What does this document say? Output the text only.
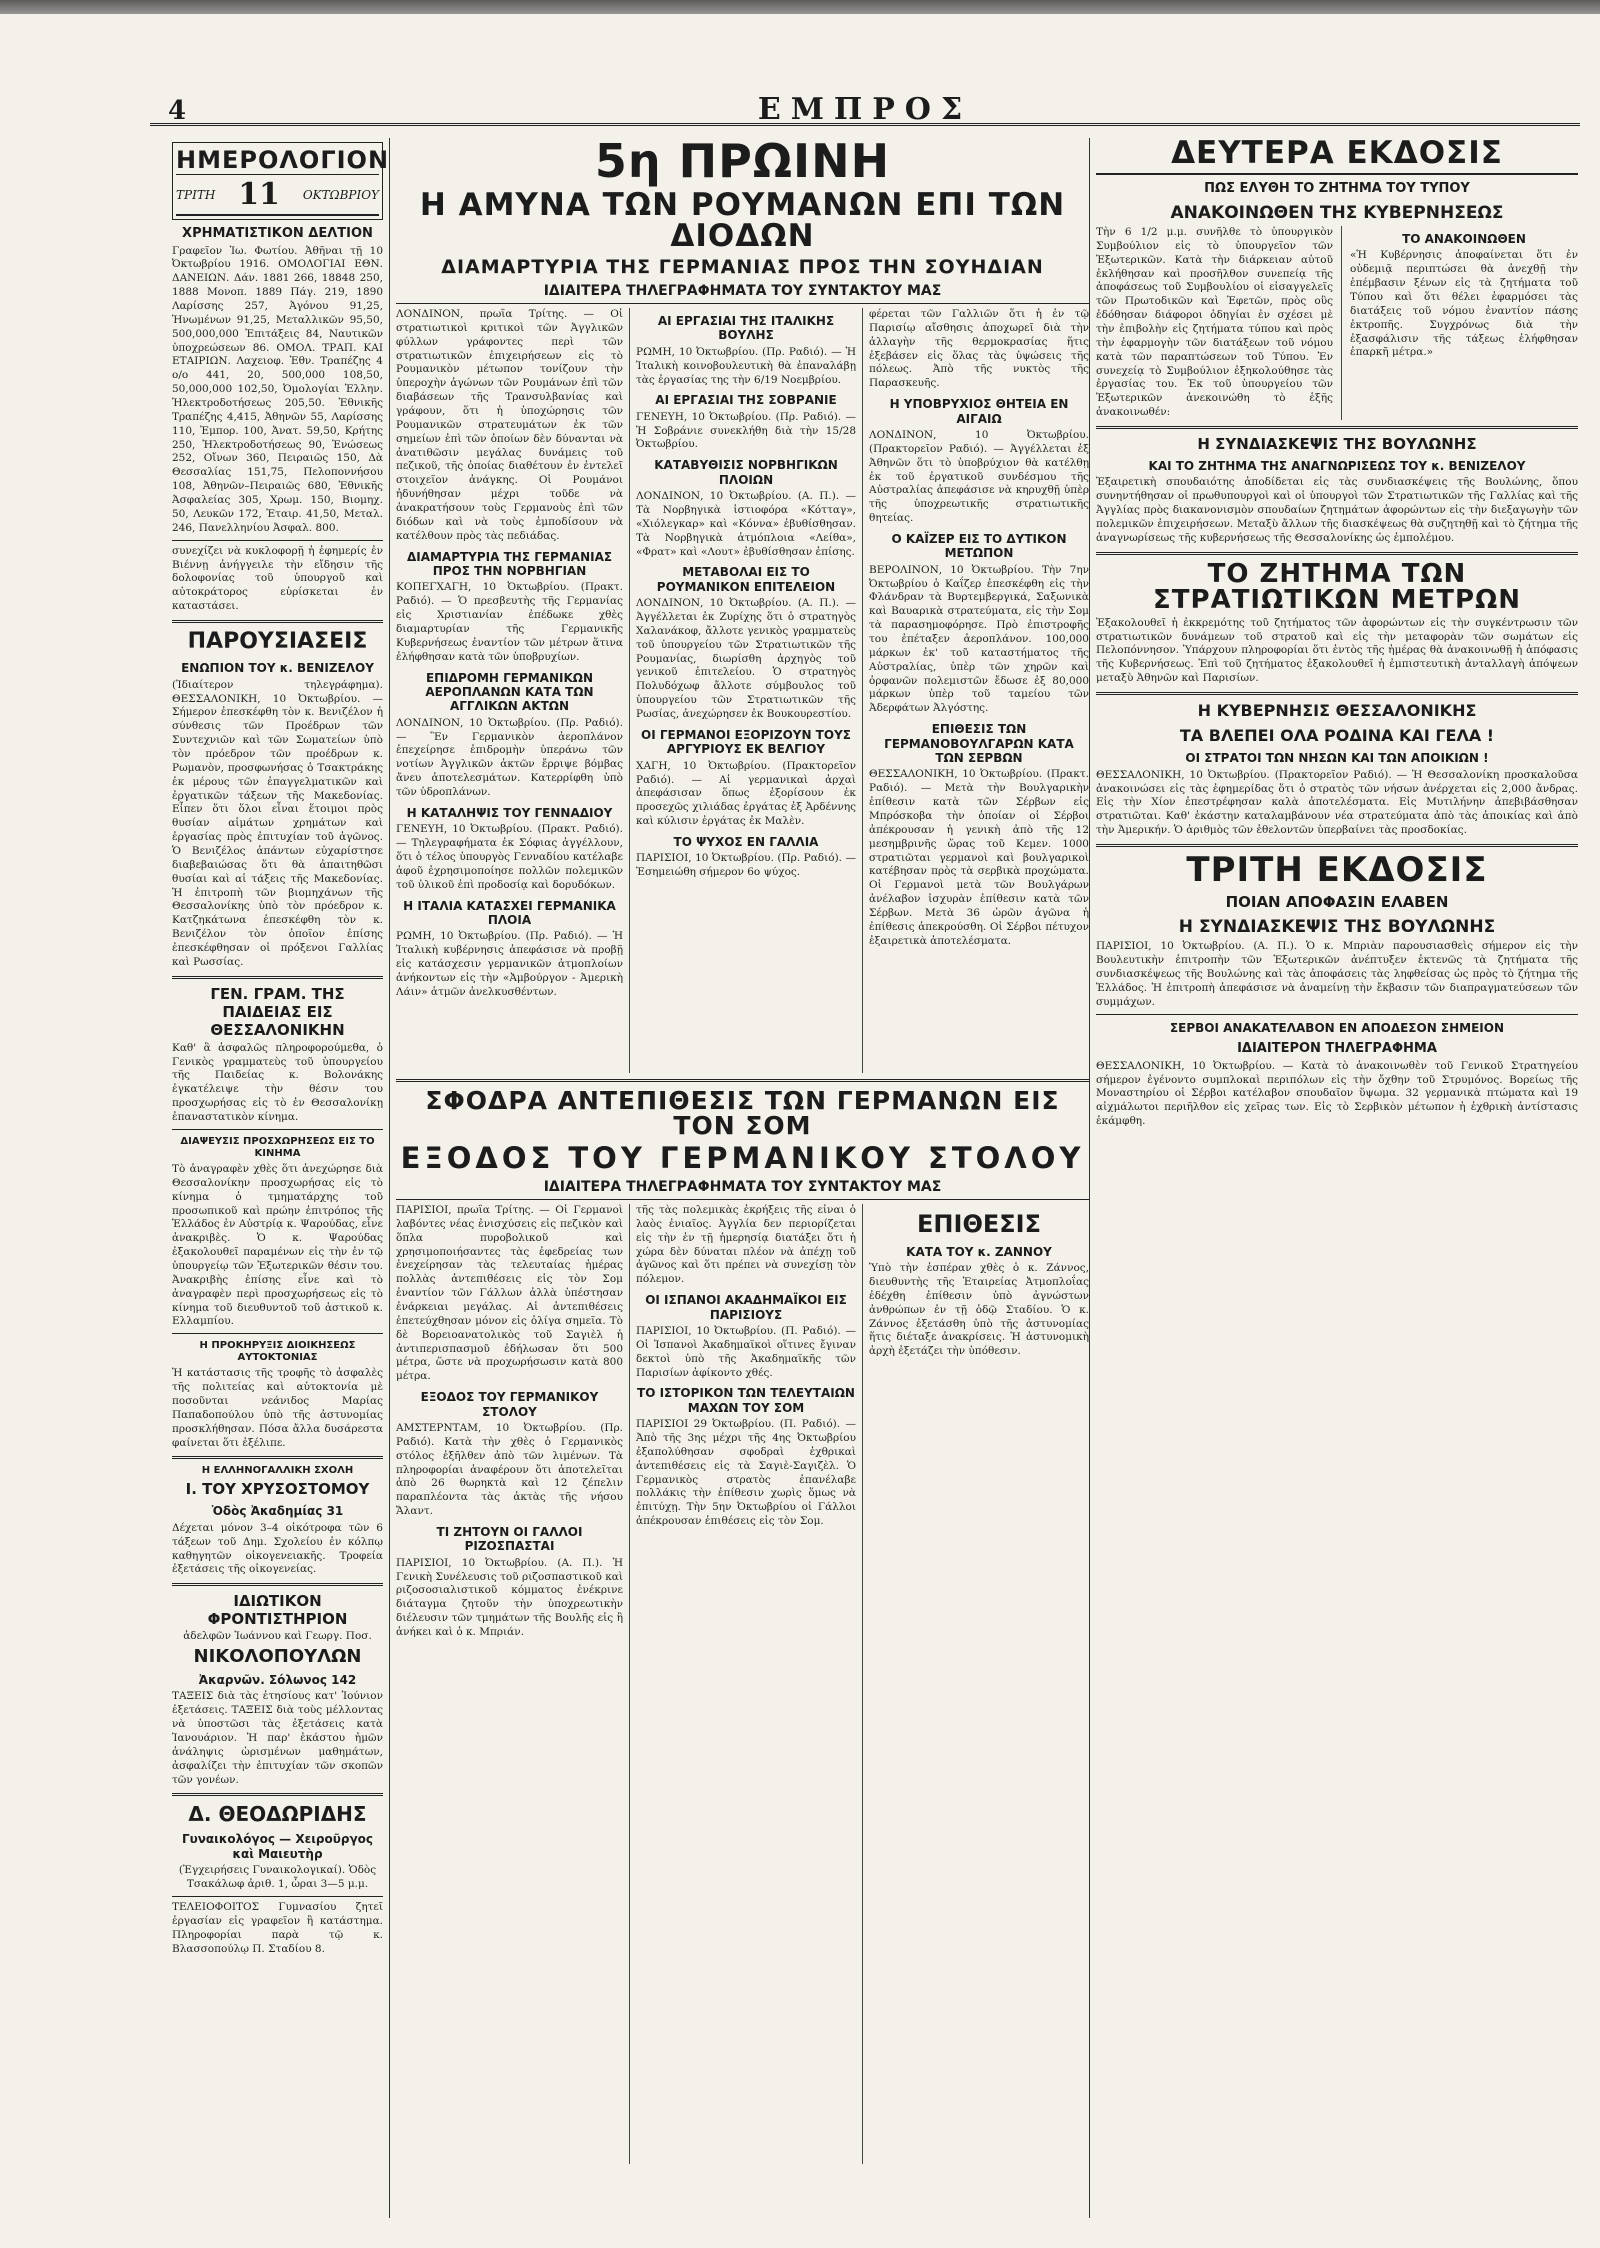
4	ΕΜΠΡΟΣ
ΗΜΕΡΟΛΟΓΙΟΝ
ΤΡΙΤΗ 11 ΟΚΤΩΒΡΙΟΥ
ΧΡΗΜΑΤΙΣΤΙΚΟΝ ΔΕΛΤΙΟΝ
Γραφεῖον Ἰω. Φωτίου. Ἀθῆναι τῇ 10 Ὀκτωβρίου 1916. ΟΜΟΛΟΓΙΑΙ ΕΘΝ. ΔΑΝΕΙΩΝ. Δάν. 1881 266, 18848 250, 1888 Μονοπ. 1889 Πάγ. 219, 1890 Λαρίσσης 257, Ἀγόνου 91,25, Ἡνωμένων 91,25, Μεταλλικῶν 95,50, 500,000,000 Ἐπιτάξεις 84, Ναυτικῶν ὑποχρεώσεων 86. ΟΜΟΛ. ΤΡΑΠ. ΚΑΙ ΕΤΑΙΡΙΩΝ. Λαχειοφ. Ἐθν. Τραπέζης 4 ο/ο 441, 20, 500,000 108,50, 50,000,000 102,50, Ὀμολογίαι Ἑλλην. Ἠλεκτροδοτήσεως 205,50. Ἐθνικῆς Τραπέζης 4,415, Ἀθηνῶν 55, Λαρίσσης 110, Ἐμπορ. 100, Ἀνατ. 59,50, Κρήτης 250, Ἠλεκτροδοτήσεως 90, Ἑνώσεως 252, Οἴνων 360, Πειραιῶς 150, Δὰ Θεσσαλίας 151,75, Πελοποννήσου 108, Ἀθηνῶν–Πειραιῶς 680, Ἐθνικῆς Ἀσφαλείας 305, Χρωμ. 150, Βιομηχ. 50, Λευκῶν 172, Ἐταιρ. 41,50, Μεταλ. 246, Πανελληνίου Ἀσφαλ. 800.
συνεχίζει νὰ κυκλοφορῇ ἡ ἐφημερίς ἐν Βιέννῃ ἀνήγγειλε τὴν εἴδησιν τῆς δολοφονίας τοῦ ὑπουργοῦ καὶ αὐτοκράτορος εὑρίσκεται ἐν καταστάσει.
ΠΑΡΟΥΣΙΑΣΕΙΣ
ΕΝΩΠΙΟΝ ΤΟΥ κ. ΒΕΝΙΖΕΛΟΥ
(Ἰδιαίτερον τηλεγράφημα). ΘΕΣΣΑΛΟΝΙΚΗ, 10 Ὀκτωβρίου. — Σήμερον ἐπεσκέφθη τὸν κ. Βενιζέλον ἡ σύνθεσις τῶν Προέδρων τῶν Συντεχνιῶν καὶ τῶν Σωματείων ὑπὸ τὸν πρόεδρον τῶν προέδρων κ. Ρωμανὸν, προσφωνήσας ὁ Τσακτράκης ἐκ μέρους τῶν ἐπαγγελματικῶν καὶ ἐργατικῶν τάξεων τῆς Μακεδονίας. Εἶπεν ὅτι ὅλοι εἶναι ἕτοιμοι πρὸς θυσίαν αἱμάτων χρημάτων καὶ ἐργασίας πρὸς ἐπιτυχίαν τοῦ ἀγῶνος. Ὁ Βενιζέλος ἀπάντων εὐχαρίστησε διαβεβαιώσας ὅτι θὰ ἀπαιτηθῶσι θυσίαι καὶ αἱ τάξεις τῆς Μακεδονίας. Ἡ ἐπιτροπὴ τῶν βιομηχάνων τῆς Θεσσαλονίκης ὑπὸ τὸν πρόεδρον κ. Κατζηκάτωνα ἐπεσκέφθη τὸν κ. Βενιζέλον τὸν ὁποῖον ἐπίσης ἐπεσκέφθησαν οἱ πρόξενοι Γαλλίας καὶ Ρωσσίας.
ΓΕΝ. ΓΡΑΜ. ΤΗΣ ΠΑΙΔΕΙΑΣ ΕΙΣ ΘΕΣΣΑΛΟΝΙΚΗΝ
Καθ' ἃ ἀσφαλῶς πληροφορούμεθα, ὁ Γενικὸς γραμματεὺς τοῦ ὑπουργείου τῆς Παιδείας κ. Βολονάκης ἐγκατέλειψε τὴν θέσιν του προσχωρήσας εἰς τὸ ἐν Θεσσαλονίκῃ ἐπαναστατικὸν κίνημα.
ΔΙΑΨΕΥΣΙΣ ΠΡΟΣΧΩΡΗΣΕΩΣ ΕΙΣ ΤΟ ΚΙΝΗΜΑ
Τὸ ἀναγραφὲν χθὲς ὅτι ἀνεχώρησε διὰ Θεσσαλονίκην προσχωρήσας εἰς τὸ κίνημα ὁ τμηματάρχης τοῦ προσωπικοῦ καὶ πρώην ἐπιτρόπος τῆς Ἑλλάδος ἐν Αὐστρίᾳ κ. Ψαρούδας, εἶνε ἀνακριβὲς. Ὁ κ. Ψαρούδας ἐξακολουθεῖ παραμένων εἰς τὴν ἐν τῷ ὑπουργείῳ τῶν Ἐξωτερικῶν θέσιν του. Ἀνακριβὴς ἐπίσης εἶνε καὶ τὸ ἀναγραφὲν περὶ προσχωρήσεως εἰς τὸ κίνημα τοῦ διευθυντοῦ τοῦ ἀστικοῦ κ. Ελλαμπίου.
Η ΠΡΟΚΗΡΥΞΙΣ ΔΙΟΙΚΗΣΕΩΣ ΑΥΤΟΚΤΟΝΙΑΣ
Ἡ κατάστασις τῆς τροφῆς τὸ ἀσφαλὲς τῆς πολιτείας καὶ αὐτοκτονία μὲ ποσοῦνται νεάνιδος Μαρίας Παπαδοπούλου ὑπὸ τῆς ἀστυνομίας προσκλήθησαν. Πόσα ἄλλα δυσάρεστα φαίνεται ὅτι ἐξέλιπε.
Η ΕΛΛΗΝΟΓΑΛΛΙΚΗ ΣΧΟΛΗ
Ι. ΤΟΥ ΧΡΥΣΟΣΤΟΜΟΥ
Ὁδὸς Ἀκαδημίας 31
Δέχεται μόνον 3–4 οἰκότροφα τῶν 6 τάξεων τοῦ Δημ. Σχολείου ἐν κόλπῳ καθηγητῶν οἰκογενειακῆς. Τροφεία ἐξετάσεις τῆς οἰκογενείας.
ΙΔΙΩΤΙΚΟΝ ΦΡΟΝΤΙΣΤΗΡΙΟΝ
ἀδελφῶν Ἰωάννου καὶ Γεωργ. Ποσ.
ΝΙΚΟΛΟΠΟΥΛΩΝ
Ἀκαρνῶν. Σόλωνος 142
ΤΑΞΕΙΣ διὰ τὰς ἐτησίους κατ' Ἰούνιον ἐξετάσεις. ΤΑΞΕΙΣ διὰ τοὺς μέλλοντας νὰ ὑποστῶσι τὰς ἐξετάσεις κατὰ Ἰανουάριον. Ἡ παρ' ἑκάστου ἡμῶν ἀνάληψις ὡρισμένων μαθημάτων, ἀσφαλίζει τὴν ἐπιτυχίαν τῶν σκοπῶν τῶν γονέων.
Δ. ΘΕΟΔΩΡΙΔΗΣ
Γυναικολόγος — Χειροῦργος καὶ Μαιευτὴρ
(Ἐγχειρήσεις Γυναικολογικαί). Ὁδὸς Τσακάλωφ ἀριθ. 1, ὧραι 3—5 μ.μ.
ΤΕΛΕΙΟΦΟΙΤΟΣ Γυμνασίου ζητεῖ ἐργασίαν εἰς γραφεῖον ἢ κατάστημα. Πληροφορίαι παρὰ τῷ κ. Βλασσοπούλῳ Π. Σταδίου 8.
5η ΠΡΩΙΝΗ
Η ΑΜΥΝΑ ΤΩΝ ΡΟΥΜΑΝΩΝ ΕΠΙ ΤΩΝ ΔΙΟΔΩΝ
ΔΙΑΜΑΡΤΥΡΙΑ ΤΗΣ ΓΕΡΜΑΝΙΑΣ ΠΡΟΣ ΤΗΝ ΣΟΥΗΔΙΑΝ
ΙΔΙΑΙΤΕΡΑ ΤΗΛΕΓΡΑΦΗΜΑΤΑ ΤΟΥ ΣΥΝΤΑΚΤΟΥ ΜΑΣ
ΛΟΝΔΙΝΟΝ, πρωΐα Τρίτης. — Οἱ στρατιωτικοὶ κριτικοὶ τῶν Ἀγγλικῶν φύλλων γράφοντες περὶ τῶν στρατιωτικῶν ἐπιχειρήσεων εἰς τὸ Ρουμανικὸν μέτωπον τονίζουν τὴν ὑπεροχὴν ἀγώνων τῶν Ρουμάνων ἐπὶ τῶν διαβάσεων τῆς Τρανσυλβανίας καὶ γράφουν, ὅτι ἡ ὑποχώρησις τῶν Ρουμανικῶν στρατευμάτων ἐκ τῶν σημείων ἐπὶ τῶν ὁποίων δὲν δύνανται νὰ ἀνατιθῶσιν μεγάλας δυνάμεις τοῦ πεζικοῦ, τῆς ὁποίας διαθέτουν ἐν ἐντελεῖ στοιχεῖον ἀνάγκης. Οἱ Ρουμάνοι ἠδυνήθησαν μέχρι τοῦδε νὰ ἀνακρατήσουν τοὺς Γερμανοὺς ἐπὶ τῶν διόδων καὶ νὰ τοὺς ἐμποδίσουν νὰ κατέλθουν πρὸς τὰς πεδιάδας.
ΔΙΑΜΑΡΤΥΡΙΑ ΤΗΣ ΓΕΡΜΑΝΙΑΣ ΠΡΟΣ ΤΗΝ ΝΟΡΒΗΓΙΑΝ
ΚΟΠΕΓΧΑΓΗ, 10 Ὀκτωβρίου. (Πρακτ. Ραδιό). — Ὁ πρεσβευτὴς τῆς Γερμανίας εἰς Χριστιανίαν ἐπέδωκε χθὲς διαμαρτυρίαν τῆς Γερμανικῆς Κυβερνήσεως ἐναντίον τῶν μέτρων ἅτινα ἐλήφθησαν κατὰ τῶν ὑποβρυχίων.
ΕΠΙΔΡΟΜΗ ΓΕΡΜΑΝΙΚΩΝ ΑΕΡΟΠΛΑΝΩΝ ΚΑΤΑ ΤΩΝ ΑΓΓΛΙΚΩΝ ΑΚΤΩΝ
ΛΟΝΔΙΝΟΝ, 10 Ὀκτωβρίου. (Πρ. Ραδιό). — Ἓν Γερμανικὸν ἀεροπλάνον ἐπεχείρησε ἐπιδρομὴν ὑπεράνω τῶν νοτίων Ἀγγλικῶν ἀκτῶν ἔρριψε βόμβας ἄνευ ἀποτελεσμάτων. Κατερρίφθη ὑπὸ τῶν ὑδροπλάνων.
Η ΚΑΤΑΛΗΨΙΣ ΤΟΥ ΓΕΝΝΑΔΙΟΥ
ΓΕΝΕΥΗ, 10 Ὀκτωβρίου. (Πρακτ. Ραδιό). — Τηλεγραφήματα ἐκ Σόφιας ἀγγέλλουν, ὅτι ὁ τέλος ὑπουργὸς Γενναδίου κατέλαβε ἀφοῦ ἐχρησιμοποίησε πολλῶν πολεμικῶν τοῦ ὑλικοῦ ἐπὶ προδοσίᾳ καὶ δορυδόκων.
Η ΙΤΑΛΙΑ ΚΑΤΑΣΧΕΙ ΓΕΡΜΑΝΙΚΑ ΠΛΟΙΑ
ΡΩΜΗ, 10 Ὀκτωβρίου. (Πρ. Ραδιό). — Ἡ Ἰταλικὴ κυβέρνησις ἀπεφάσισε νὰ προβῇ εἰς κατάσχεσιν γερμανικῶν ἀτμοπλοίων ἀνήκοντων εἰς τὴν «Ἀμβούργον - Ἀμερικὴ Λάιν» ἀτμῶν ἀνελκυσθέντων.
ΑΙ ΕΡΓΑΣΙΑΙ ΤΗΣ ΙΤΑΛΙΚΗΣ ΒΟΥΛΗΣ
ΡΩΜΗ, 10 Ὀκτωβρίου. (Πρ. Ραδιό). — Ἡ Ἰταλικὴ κοινοβουλευτικὴ θὰ ἐπαναλάβῃ τὰς ἐργασίας της τὴν 6/19 Νοεμβρίου.
ΑΙ ΕΡΓΑΣΙΑΙ ΤΗΣ ΣΟΒΡΑΝΙΕ
ΓΕΝΕΥΗ, 10 Ὀκτωβρίου. (Πρ. Ραδιό). — Ἡ Σοβράνιε συνεκλήθη διὰ τὴν 15/28 Ὀκτωβρίου.
ΚΑΤΑΒΥΘΙΣΙΣ ΝΟΡΒΗΓΙΚΩΝ ΠΛΟΙΩΝ
ΛΟΝΔΙΝΟΝ, 10 Ὀκτωβρίου. (Α. Π.). — Τὰ Νορβηγικὰ ἱστιοφόρα «Κότταγ», «Χιόλεγκαρ» καὶ «Κόννα» ἐβυθίσθησαν. Τὰ Νορβηγικὰ ἀτμόπλοια «Λείθα», «Φρατ» καὶ «Λουτ» ἐβυθίσθησαν ἐπίσης.
ΜΕΤΑΒΟΛΑΙ ΕΙΣ ΤΟ ΡΟΥΜΑΝΙΚΟΝ ΕΠΙΤΕΛΕΙΟΝ
ΛΟΝΔΙΝΟΝ, 10 Ὀκτωβρίου. (Α. Π.). — Ἀγγέλλεται ἐκ Ζυρίχης ὅτι ὁ στρατηγὸς Χαλανάκοφ, ἄλλοτε γενικὸς γραμματεὺς τοῦ ὑπουργείου τῶν Στρατιωτικῶν τῆς Ρουμανίας, διωρίσθη ἀρχηγὸς τοῦ γενικοῦ ἐπιτελείου. Ὁ στρατηγὸς Πολυδόχωφ ἄλλοτε σύμβουλος τοῦ ὑπουργείου τῶν Στρατιωτικῶν τῆς Ρωσίας, ἀνεχώρησεν ἐκ Βουκουρεστίου.
ΟΙ ΓΕΡΜΑΝΟΙ ΕΞΟΡΙΖΟΥΝ ΤΟΥΣ ΑΡΓΥΡΙΟΥΣ ΕΚ ΒΕΛΓΙΟΥ
ΧΑΓΗ, 10 Ὀκτωβρίου. (Πρακτορεῖον Ραδιό). — Αἱ γερμανικαὶ ἀρχαὶ ἀπεφάσισαν ὅπως ἐξορίσουν ἐκ προσεχῶς χιλιάδας ἐργάτας ἐξ Ἀρδέννης καὶ κύλισιν ἐργάτας ἐκ Μαλὲν.
ΤΟ ΨΥΧΟΣ ΕΝ ΓΑΛΛΙΑ
ΠΑΡΙΣΙΟΙ, 10 Ὀκτωβρίου. (Πρ. Ραδιό). — Ἐσημειώθη σήμερον 6ο ψύχος.
φέρεται τῶν Γαλλιῶν ὅτι ἡ ἐν τῷ Παρισίῳ αἴσθησις ἀποχωρεῖ διὰ τὴν ἀλλαγὴν τῆς θερμοκρασίας ἥτις ἐξεβάσεν εἰς ὅλας τὰς ὑψώσεις τῆς πόλεως. Ἀπὸ τῆς νυκτὸς τῆς Παρασκευῆς.
Η ΥΠΟΒΡΥΧΙΟΣ ΘΗΤΕΙΑ ΕΝ ΑΙΓΑΙΩ
ΛΟΝΔΙΝΟΝ, 10 Ὀκτωβρίου. (Πρακτορεῖον Ραδιό). — Ἀγγέλλεται ἐξ Ἀθηνῶν ὅτι τὸ ὑποβρύχιον θὰ κατέλθῃ ἐκ τοῦ ἐργατικοῦ συνδέσμου τῆς Αὐστραλίας ἀπεφάσισε νὰ κηρυχθῇ ὑπὲρ τῆς ὑποχρεωτικῆς στρατιωτικῆς θητείας.
Ο ΚΑΪΖΕΡ ΕΙΣ ΤΟ ΔΥΤΙΚΟΝ ΜΕΤΩΠΟΝ
ΒΕΡΟΛΙΝΟΝ, 10 Ὀκτωβρίου. Τὴν 7ην Ὀκτωβρίου ὁ Καΐζερ ἐπεσκέφθη εἰς τὴν Φλάνδραν τὰ Βυρτεμβεργικά, Σαξωνικὰ καὶ Βαυαρικὰ στρατεύματα, εἰς τὴν Σομ τὰ παρασημοφόρησε. Πρὸ ἐπιστροφῆς του ἐπέταξεν ἀεροπλάνον. 100,000 μάρκων ἐκ' τοῦ καταστήματος τῆς Αὐστραλίας, ὑπὲρ τῶν χηρῶν καὶ ὀρφανῶν πολεμιστῶν ἔδωσε ἐξ 80,000 μάρκων ὑπὲρ τοῦ ταμείου τῶν Ἀδερφάτων Ἀλγόστης.
ΕΠΙΘΕΣΙΣ ΤΩΝ ΓΕΡΜΑΝΟΒΟΥΛΓΑΡΩΝ ΚΑΤΑ ΤΩΝ ΣΕΡΒΩΝ
ΘΕΣΣΑΛΟΝΙΚΗ, 10 Ὀκτωβρίου. (Πρακτ. Ραδιό). — Μετὰ τὴν Βουλγαρικὴν ἐπίθεσιν κατὰ τῶν Σέρβων εἰς Μπρόσκοβα τὴν ὁποίαν οἱ Σέρβοι ἀπέκρουσαν ἡ γενικὴ ἀπὸ τῆς 12 μεσημβρινῆς ὥρας τοῦ Κεμεν. 1000 στρατιῶται γερμανοὶ καὶ βουλγαρικοὶ κατέβησαν πρὸς τὰ σερβικὰ προχώματα. Οἱ Γερμανοὶ μετὰ τῶν Βουλγάρων ἀνέλαβον ἰσχυρὰν ἐπίθεσιν κατὰ τῶν Σέρβων. Μετὰ 36 ὡρῶν ἀγῶνα ἡ ἐπίθεσις ἀπεκρούσθη. Οἱ Σέρβοι πέτυχον ἐξαιρετικὰ ἀποτελέσματα.
ΣΦΟΔΡΑ ΑΝΤΕΠΙΘΕΣΙΣ ΤΩΝ ΓΕΡΜΑΝΩΝ ΕΙΣ ΤΟΝ ΣΟΜ
ΕΞΟΔΟΣ ΤΟΥ ΓΕΡΜΑΝΙΚΟΥ ΣΤΟΛΟΥ
ΙΔΙΑΙΤΕΡΑ ΤΗΛΕΓΡΑΦΗΜΑΤΑ ΤΟΥ ΣΥΝΤΑΚΤΟΥ ΜΑΣ
ΠΑΡΙΣΙΟΙ, πρωΐα Τρίτης. — Οἱ Γερμανοὶ λαβόντες νέας ἐνισχύσεις εἰς πεζικὸν καὶ ὅπλα πυροβολικοῦ καὶ χρησιμοποιήσαντες τὰς ἐφεδρείας των ἐνεχείρησαν τὰς τελευταίας ἡμέρας πολλὰς ἀντεπιθέσεις εἰς τὸν Σομ ἐναντίον τῶν Γάλλων ἀλλὰ ὑπέστησαν ἐνάρκειαι μεγάλας. Αἱ ἀντεπιθέσεις ἐπετεύχθησαν μόνον εἰς ὀλίγα σημεῖα. Τὸ δὲ Βορειοανατολικὸς τοῦ Σαγιὲλ ἡ ἀντιπερισπασμοῦ ἐδήλωσαν ὅτι 500 μέτρα, ὥστε νὰ προχωρήσωσιν κατὰ 800 μέτρα.
ΕΞΟΔΟΣ ΤΟΥ ΓΕΡΜΑΝΙΚΟΥ ΣΤΟΛΟΥ
ΑΜΣΤΕΡΝΤΑΜ, 10 Ὀκτωβρίου. (Πρ. Ραδιό). Κατὰ τὴν χθὲς ὁ Γερμανικὸς στόλος ἐξῆλθεν ἀπὸ τῶν λιμένων. Τὰ πληροφορίαι ἀναφέρουν ὅτι ἀποτελεῖται ἀπὸ 26 θωρηκτὰ καὶ 12 ζέπελιν παραπλέοντα τὰς ἀκτὰς τῆς νήσου Ἄλαντ.
ΤΙ ΖΗΤΟΥΝ ΟΙ ΓΑΛΛΟΙ ΡΙΖΟΣΠΑΣΤΑΙ
ΠΑΡΙΣΙΟΙ, 10 Ὀκτωβρίου. (Α. Π.). Ἡ Γενικὴ Συνέλευσις τοῦ ριζοσπαστικοῦ καὶ ριζοσοσιαλιστικοῦ κόμματος ἐνέκρινε διάταγμα ζητοῦν τὴν ὑποχρεωτικὴν διέλευσιν τῶν τμημάτων τῆς Βουλῆς εἰς ἣ ἀνήκει καὶ ὁ κ. Μπριάν.
τῆς τὰς πολεμικὰς ἐκρήξεις τῆς εἶναι ὁ λαὸς ἐνιαῖος. Ἀγγλία δεν περιορίζεται εἰς τὴν ἐν τῇ ἡμερησίᾳ διατάξει ὅτι ἡ χώρα δὲν δύναται πλέον νὰ ἀπέχῃ τοῦ ἀγῶνος καὶ ὅτι πρέπει νὰ συνεχίσῃ τὸν πόλεμον.
ΟΙ ΙΣΠΑΝΟΙ ΑΚΑΔΗΜΑΪΚΟΙ ΕΙΣ ΠΑΡΙΣΙΟΥΣ
ΠΑΡΙΣΙΟΙ, 10 Ὀκτωβρίου. (Π. Ραδιό). — Οἱ Ἰσπανοὶ Ἀκαδημαϊκοὶ οἵτινες ἔγιναν δεκτοὶ ὑπὸ τῆς Ἀκαδημαϊκῆς τῶν Παρισίων ἀφίκοντο χθές.
ΤΟ ΙΣΤΟΡΙΚΟΝ ΤΩΝ ΤΕΛΕΥΤΑΙΩΝ ΜΑΧΩΝ ΤΟΥ ΣΟΜ
ΠΑΡΙΣΙΟΙ 29 Ὀκτωβρίου. (Π. Ραδιό). — Ἀπὸ τῆς 3ης μέχρι τῆς 4ης Ὀκτωβρίου ἐξαπολύθησαν σφοδραὶ ἐχθρικαὶ ἀντεπιθέσεις εἰς τὰ Σαγιὲ-Σαγιζὲλ. Ὁ Γερμανικὸς στρατὸς ἐπανέλαβε πολλάκις τὴν ἐπίθεσιν χωρὶς ὅμως νὰ ἐπιτύχῃ. Τὴν 5ην Ὀκτωβρίου οἱ Γάλλοι ἀπέκρουσαν ἐπιθέσεις εἰς τὸν Σομ.
ΕΠΙΘΕΣΙΣ
ΚΑΤΑ ΤΟΥ κ. ΖΑΝΝΟΥ
Ὑπὸ τὴν ἑσπέραν χθὲς ὁ κ. Ζάννος, διευθυντὴς τῆς Ἑταιρείας Ἀτμοπλοΐας ἐδέχθη ἐπίθεσιν ὑπὸ ἀγνώστων ἀνθρώπων ἐν τῇ ὁδῷ Σταδίου. Ὁ κ. Ζάννος ἐξετάσθη ὑπὸ τῆς ἀστυνομίας ἥτις διέταξε ἀνακρίσεις. Ἡ ἀστυνομικὴ ἀρχὴ ἐξετάζει τὴν ὑπόθεσιν.
ΔΕΥΤΕΡΑ ΕΚΔΟΣΙΣ
ΠΩΣ ΕΛΥΘΗ ΤΟ ΖΗΤΗΜΑ ΤΟΥ ΤΥΠΟΥ
ΑΝΑΚΟΙΝΩΘΕΝ ΤΗΣ ΚΥΒΕΡΝΗΣΕΩΣ
Τὴν 6 1/2 μ.μ. συνῆλθε τὸ ὑπουργικὸν Συμβούλιον εἰς τὸ ὑπουργεῖον τῶν Ἐξωτερικῶν. Κατὰ τὴν διάρκειαν αὐτοῦ ἐκλήθησαν καὶ προσῆλθον συνεπείᾳ τῆς ἀποφάσεως τοῦ Συμβουλίου οἱ εἰσαγγελεῖς τῶν Πρωτοδικῶν καὶ Ἐφετῶν, πρὸς οὓς ἐδόθησαν διάφοροι ὁδηγίαι ἐν σχέσει μὲ τὴν ἐπιβολὴν εἰς ζητήματα τύπου καὶ πρὸς τὴν ἐφαρμογὴν τῶν διατάξεων τοῦ νόμου κατὰ τῶν παραπτώσεων τοῦ Τύπου. Ἐν συνεχείᾳ τὸ Συμβούλιον ἐξηκολούθησε τὰς ἐργασίας του. Ἐκ τοῦ ὑπουργείου τῶν Ἐξωτερικῶν ἀνεκοινώθη τὸ ἑξῆς ἀνακοινωθέν:
ΤΟ ΑΝΑΚΟΙΝΩΘΕΝ
«Ἡ Κυβέρνησις ἀποφαίνεται ὅτι ἐν οὐδεμιᾷ περιπτώσει θὰ ἀνεχθῇ τὴν ἐπέμβασιν ξένων εἰς τὰ ζητήματα τοῦ Τύπου καὶ ὅτι θέλει ἐφαρμόσει τὰς διατάξεις τοῦ νόμου ἐναντίον πάσης ἐκτροπῆς. Συγχρόνως διὰ τὴν ἐξασφάλισιν τῆς τάξεως ἐλήφθησαν ἐπαρκῆ μέτρα.»
Η ΣΥΝΔΙΑΣΚΕΨΙΣ ΤΗΣ ΒΟΥΛΩΝΗΣ
ΚΑΙ ΤΟ ΖΗΤΗΜΑ ΤΗΣ ΑΝΑΓΝΩΡΙΣΕΩΣ ΤΟΥ κ. ΒΕΝΙΖΕΛΟΥ
Ἐξαιρετικὴ σπουδαιότης ἀποδίδεται εἰς τὰς συνδιασκέψεις τῆς Βουλώνης, ὅπου συνηντήθησαν οἱ πρωθυπουργοὶ καὶ οἱ ὑπουργοὶ τῶν Στρατιωτικῶν τῆς Γαλλίας καὶ τῆς Ἀγγλίας πρὸς διακανονισμὸν σπουδαίων ζητημάτων ἀφορώντων εἰς τὴν διεξαγωγὴν τῶν πολεμικῶν ἐπιχειρήσεων. Μεταξὺ ἄλλων τῆς διασκέψεως θὰ συζητηθῇ καὶ τὸ ζήτημα τῆς ἀναγνωρίσεως τῆς κυβερνήσεως τῆς Θεσσαλονίκης ὡς ἐμπολέμου.
ΤΟ ΖΗΤΗΜΑ ΤΩΝ ΣΤΡΑΤΙΩΤΙΚΩΝ ΜΕΤΡΩΝ
Ἐξακολουθεῖ ἡ ἐκκρεμότης τοῦ ζητήματος τῶν ἀφορώντων εἰς τὴν συγκέντρωσιν τῶν στρατιωτικῶν δυνάμεων τοῦ στρατοῦ καὶ εἰς τὴν μεταφορὰν τῶν σωμάτων εἰς Πελοπόννησον. Ὑπάρχουν πληροφορίαι ὅτι ἐντὸς τῆς ἡμέρας θὰ ἀνακοινωθῇ ἡ ἀπόφασις τῆς Κυβερνήσεως. Ἐπὶ τοῦ ζητήματος ἐξακολουθεῖ ἡ ἐμπιστευτικὴ ἀνταλλαγὴ ἀπόψεων μεταξὺ Ἀθηνῶν καὶ Παρισίων.
Η ΚΥΒΕΡΝΗΣΙΣ ΘΕΣΣΑΛΟΝΙΚΗΣ
ΤΑ ΒΛΕΠΕΙ ΟΛΑ ΡΟΔΙΝΑ ΚΑΙ ΓΕΛΑ !
ΟΙ ΣΤΡΑΤΟΙ ΤΩΝ ΝΗΣΩΝ ΚΑΙ ΤΩΝ ΑΠΟΙΚΙΩΝ !
ΘΕΣΣΑΛΟΝΙΚΗ, 10 Ὀκτωβρίου. (Πρακτορεῖον Ραδιό). — Ἡ Θεσσαλονίκη προσκαλοῦσα ἀνακοινώσει εἰς τὰς ἐφημερίδας ὅτι ὁ στρατὸς τῶν νήσων ἀνέρχεται εἰς 2,000 ἄνδρας. Εἰς τὴν Χίον ἐπεστρέφησαν καλὰ ἀποτελέσματα. Εἰς Μυτιλήνην ἀπεβιβάσθησαν στρατιῶται. Καθ' ἑκάστην καταλαμβάνουν νέα στρατεύματα ἀπὸ τὰς ἀποικίας καὶ ἀπὸ τὴν Ἀμερικήν. Ὁ ἀριθμὸς τῶν ἐθελοντῶν ὑπερβαίνει τὰς προσδοκίας.
ΤΡΙΤΗ ΕΚΔΟΣΙΣ
ΠΟΙΑΝ ΑΠΟΦΑΣΙΝ ΕΛΑΒΕΝ
Η ΣΥΝΔΙΑΣΚΕΨΙΣ ΤΗΣ ΒΟΥΛΩΝΗΣ
ΠΑΡΙΣΙΟΙ, 10 Ὀκτωβρίου. (Α. Π.). Ὁ κ. Μπριὰν παρουσιασθεὶς σήμερον εἰς τὴν Βουλευτικὴν ἐπιτροπὴν τῶν Ἐξωτερικῶν ἀνέπτυξεν ἐκτενῶς τὰ ζητήματα τῆς συνδιασκέψεως τῆς Βουλώνης καὶ τὰς ἀποφάσεις τὰς ληφθείσας ὡς πρὸς τὸ ζήτημα τῆς Ἑλλάδος. Ἡ ἐπιτροπὴ ἀπεφάσισε νὰ ἀναμείνῃ τὴν ἔκβασιν τῶν διαπραγματεύσεων τῶν συμμάχων.
ΣΕΡΒΟΙ ΑΝΑΚΑΤΕΛΑΒΟΝ ΕΝ ΑΠΟΔΕΣΟΝ ΣΗΜΕΙΟΝ
ΙΔΙΑΙΤΕΡΟΝ ΤΗΛΕΓΡΑΦΗΜΑ
ΘΕΣΣΑΛΟΝΙΚΗ, 10 Ὀκτωβρίου. — Κατὰ τὸ ἀνακοινωθὲν τοῦ Γενικοῦ Στρατηγείου σήμερον ἐγένοντο συμπλοκαὶ περιπόλων εἰς τὴν ὄχθην τοῦ Στρυμόνος. Βορείως τῆς Μοναστηρίου οἱ Σέρβοι κατέλαβον σπουδαῖον ὕψωμα. 32 γερμανικὰ πτώματα καὶ 19 αἰχμάλωτοι περιῆλθον εἰς χεῖρας των. Εἰς τὸ Σερβικὸν μέτωπον ἡ ἐχθρικὴ ἀντίστασις ἐκάμφθη.
